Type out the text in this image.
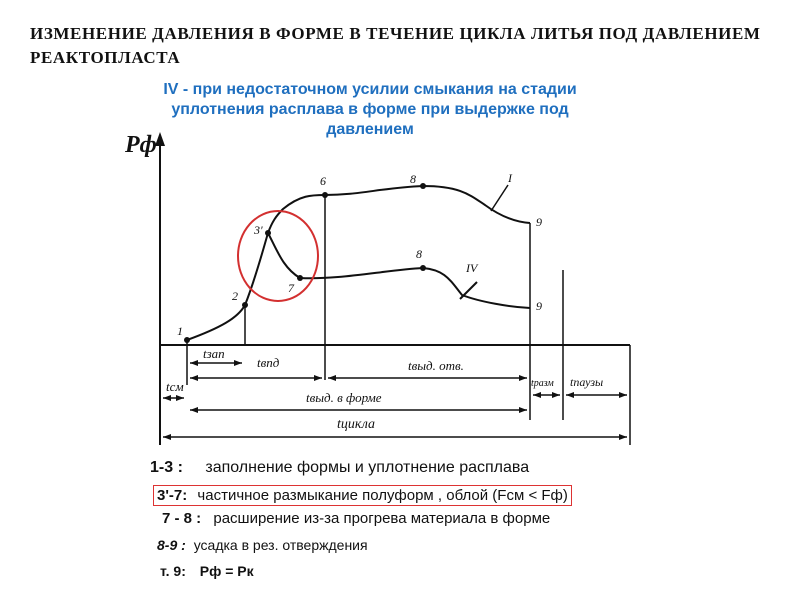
ИЗМЕНЕНИЕ ДАВЛЕНИЯ В ФОРМЕ В ТЕЧЕНИЕ ЦИКЛА ЛИТЬЯ ПОД ДАВЛЕНИЕМ РЕАКТОПЛАСТА
IV - при недостаточном усилии смыкания на стадии уплотнения расплава в форме при выдержке под давлением
Pф
1
2
3'
6	8
8
7
9
9
I
IV
tзап
tвпд	tвыд. отв.
tразм tпаузы
tсм
tвыд. в форме
tцикла
1-3 : заполнение формы и уплотнение расплава
3'-7: частичное размыкание полуформ , облой (Fсм < Fф)
7 - 8 : расширение из-за прогрева материала в форме
8-9 : усадка в рез. отверждения
т. 9: Pф = Pк
